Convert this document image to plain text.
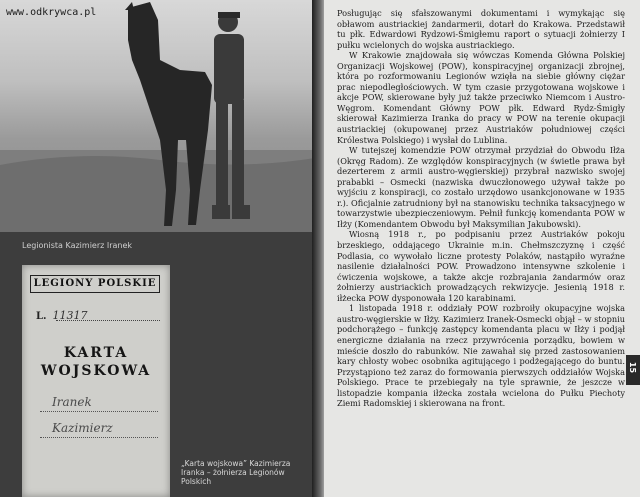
www.odkrywca.pl
Legionista Kazimierz Iranek
LEGIONY POLSKIE
L. 11317
KARTA
WOJSKOWA
Iranek
Kazimierz
„Karta wojskowa” Kazimierza Iranka – żołnierza Legionów Polskich

Posługując się sfałszowanymi dokumentami i wymykając się obławom austriackiej żandarmerii, dotarł do Krakowa. Przedstawił tu płk. Edwardowi Rydzowi-Śmigłemu raport o sytuacji żołnierzy I pułku wcielonych do wojska austriackiego.

W Krakowie znajdowała się wówczas Komenda Główna Polskiej Organizacji Wojskowej (POW), konspiracyjnej organizacji zbrojnej, która po rozformowaniu Legionów wzięła na siebie główny ciężar prac niepodległościowych. W tym czasie przygotowana wojskowe i akcje POW, skierowane były już także przeciwko Niemcom i Austro-Węgrom. Komendant Główny POW płk. Edward Rydz-Śmigły skierował Kazimierza Iranka do pracy w POW na terenie okupacji austriackiej (okupowanej przez Austriaków południowej części Królestwa Polskiego) i wysłał do Lublina.

W tutejszej komendzie POW otrzymał przydział do Obwodu Iłża (Okręg Radom). Ze względów konspiracyjnych (w świetle prawa był dezerterem z armii austro-węgierskiej) przybrał nazwisko swojej prababki – Osmecki (nazwiska dwuczłonowego używał także po wyjściu z konspiracji, co zostało urzędowo usankcjonowane w 1935 r.). Oficjalnie zatrudniony był na stanowisku technika taksacyjnego w towarzystwie ubezpieczeniowym. Pełnił funkcję komendanta POW w Iłży (Komendantem Obwodu był Maksymilian Jakubowski).

Wiosną 1918 r., po podpisaniu przez Austriaków pokoju brzeskiego, oddającego Ukrainie m.in. Chełmszczyznę i część Podlasia, co wywołało liczne protesty Polaków, nastąpiło wyraźne nasilenie działalności POW. Prowadzono intensywne szkolenie i ćwiczenia wojskowe, a także akcje rozbrajania żandarmów oraz żołnierzy austriackich prowadzących rekwizycje. Jesienią 1918 r. iłżecka POW dysponowała 120 karabinami.

1 listopada 1918 r. oddziały POW rozbroiły okupacyjne wojska austro-węgierskie w Iłży. Kazimierz Iranek-Osmecki objął – w stopniu podchorążego – funkcję zastępcy komendanta placu w Iłży i podjął energiczne działania na rzecz przywrócenia porządku, bowiem w mieście doszło do rabunków. Nie zawahał się przed zastosowaniem kary chłosty wobec osobnika agitującego i podżegającego do buntu. Przystąpiono też zaraz do formowania pierwszych oddziałów Wojska Polskiego. Prace te przebiegały na tyle sprawnie, że jeszcze w listopadzie kompania iłżecka została wcielona do Pułku Piechoty Ziemi Radomskiej i skierowana na front.

15
